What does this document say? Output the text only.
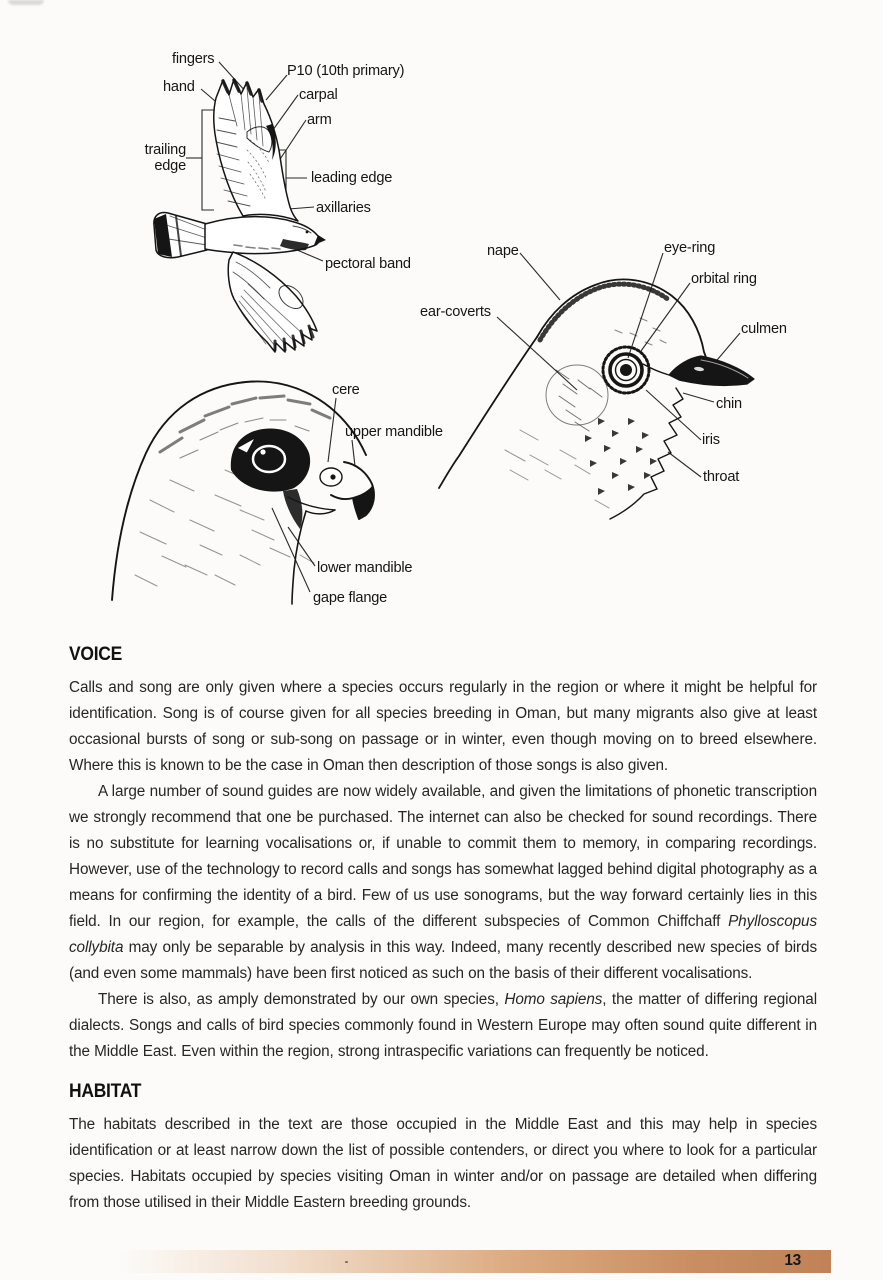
fingers
P10 (10th primary)
hand	carpal
arm
trailing edge
leading edge
axillaries
pectoral band
nape	eye-ring
orbital ring
ear-coverts
culmen
chin
iris
throat
cere
upper mandible
lower mandible
gape flange
VOICE

Calls and song are only given where a species occurs regularly in the region or where it might be helpful for identification. Song is of course given for all species breeding in Oman, but many migrants also give at least occasional bursts of song or sub-song on passage or in winter, even though moving on to breed elsewhere. Where this is known to be the case in Oman then description of those songs is also given.

A large number of sound guides are now widely available, and given the limitations of phonetic transcription we strongly recommend that one be purchased. The internet can also be checked for sound recordings. There is no substitute for learning vocalisations or, if unable to commit them to memory, in comparing recordings. However, use of the technology to record calls and songs has somewhat lagged behind digital photography as a means for confirming the identity of a bird. Few of us use sonograms, but the way forward certainly lies in this field. In our region, for example, the calls of the different subspecies of Common Chiffchaff Phylloscopus collybita may only be separable by analysis in this way. Indeed, many recently described new species of birds (and even some mammals) have been first noticed as such on the basis of their different vocalisations.

There is also, as amply demonstrated by our own species, Homo sapiens, the matter of differing regional dialects. Songs and calls of bird species commonly found in Western Europe may often sound quite different in the Middle East. Even within the region, strong intraspecific variations can frequently be noticed.

HABITAT

The habitats described in the text are those occupied in the Middle East and this may help in species identification or at least narrow down the list of possible contenders, or direct you where to look for a particular species. Habitats occupied by species visiting Oman in winter and/or on passage are detailed when differing from those utilised in their Middle Eastern breeding grounds.

13
